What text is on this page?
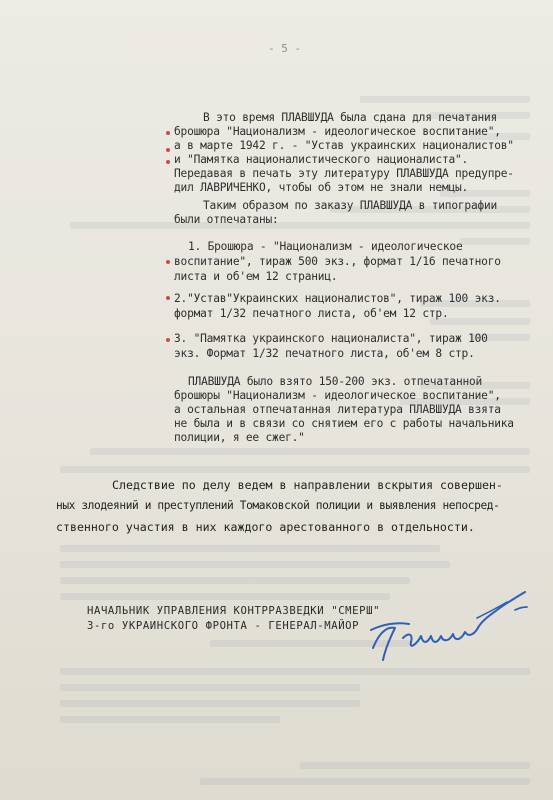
- 5 -
В это время ПЛАВШУДА была сдана для печатания
брошюра "Национализм - идеологическое воспитание",
а в марте 1942 г. - "Устав украинских националистов"
и "Памятка националистического националиста".
Передавая в печать эту литературу ПЛАВШУДА предупре-
дил ЛАВРИЧЕНКО, чтобы об этом не знали немцы.
Таким образом по заказу ПЛАВШУДА в типографии
были отпечатаны:
1. Брошюра - "Национализм - идеологическое
воспитание", тираж 500 экз., формат 1/16 печатного
листа и об'ем 12 страниц.
2."Устав"Украинских националистов", тираж 100 экз.
формат 1/32 печатного листа, об'ем 12 стр.
3. "Памятка украинского националиста", тираж 100
экз. Формат 1/32 печатного листа, об'ем 8 стр.
ПЛАВШУДА было взято 150-200 экз. отпечатанной
брошюры "Национализм - идеологическое воспитание",
а остальная отпечатанная литература ПЛАВШУДА взята
не была и в связи со снятием его с работы начальника
полиции, я ее сжег."
Следствие по делу ведем в направлении вскрытия совершен-
ных злодеяний и преступлений Томаковской полиции и выявления непосред-
ственного участия в них каждого арестованного в отдельности.
НАЧАЛЬНИК УПРАВЛЕНИЯ КОНТРРАЗВЕДКИ "СМЕРШ"
3-го УКРАИНСКОГО ФРОНТА - ГЕНЕРАЛ-МАЙОР
